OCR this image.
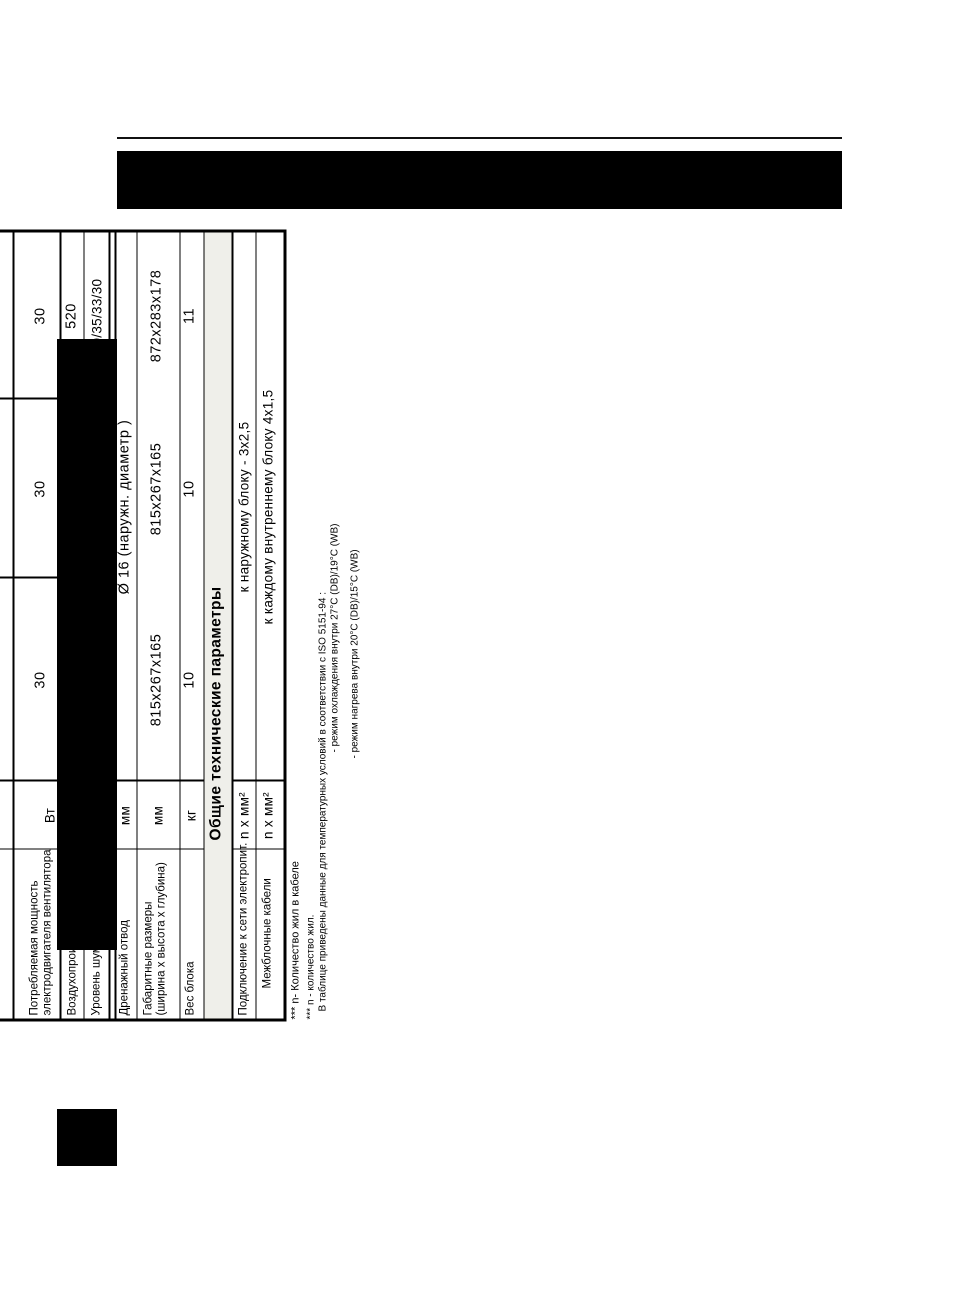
Потребляемая мощность электродвигателя вентилятора
Вт
30
30
30
Воздухопроизводительность (max)
м³/ч
480
480
520
Уровень шума
dB (A)
37/35/32/29
37/35/32/29
40/35/33/30
Дренажный отвод
мм
Ø 16 (наружн. диаметр )
Габаритные размеры (ширина х высота х глубина)
мм
815x267x165
815x267x165
872x283x178
Вес блока
кг
10
10
11
Общие технические параметры
Подключение к сети электропит.
n x мм²
к наружному блоку - 3x2,5
Межблочные кабели
n x мм²
к каждому внутреннему блоку 4x1,5
*** n- Количество жил в кабеле *** n - количество жил. В таблице приведены данные для температурных условий в соответствии с ISO 5151-94 : - режим охлаждения внутри 27°C (DB)/19°C (WB) - режим нагрева внутри 20°C (DB)/15°C (WB)
